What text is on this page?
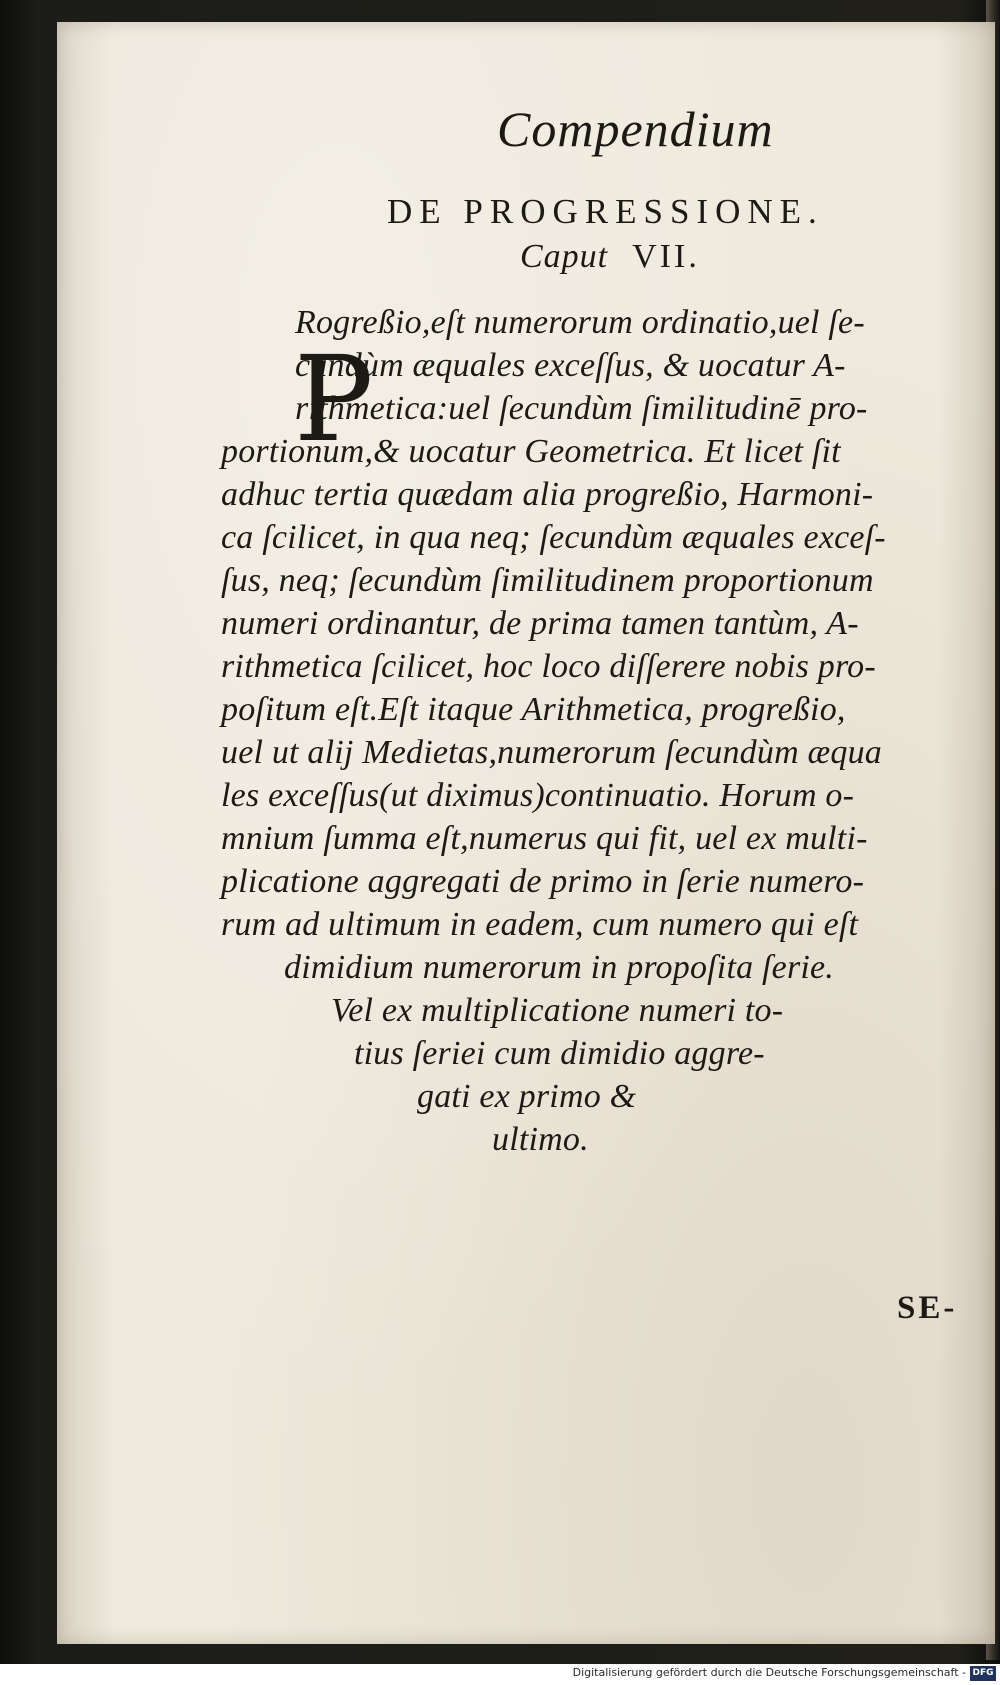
Compendium
DE PROGRESSIONE.
Caput VII.
P
Rogreßio,eſt numerorum ordinatio,uel ſe-
cundùm æquales exceſſus, & uocatur A-
rithmetica:uel ſecundùm ſimilitudinē pro-
portionum,& uocatur Geometrica. Et licet ſit
adhuc tertia quædam alia progreßio, Harmoni-
ca ſcilicet, in qua neq; ſecundùm æquales exceſ-
ſus, neq; ſecundùm ſimilitudinem proportionum
numeri ordinantur, de prima tamen tantùm, A-
rithmetica ſcilicet, hoc loco diſſerere nobis pro-
poſitum eſt.Eſt itaque Arithmetica, progreßio,
uel ut alij Medietas,numerorum ſecundùm æqua
les exceſſus(ut diximus)continuatio. Horum o-
mnium ſumma eſt,numerus qui fit, uel ex multi-
plicatione aggregati de primo in ſerie numero-
rum ad ultimum in eadem, cum numero qui eſt
dimidium numerorum in propoſita ſerie.
Vel ex multiplicatione numeri to-
tius ſeriei cum dimidio aggre-
gati ex primo &
ultimo.
SE-
Digitalisierung gefördert durch die Deutsche Forschungsgemeinschaft - DFG
